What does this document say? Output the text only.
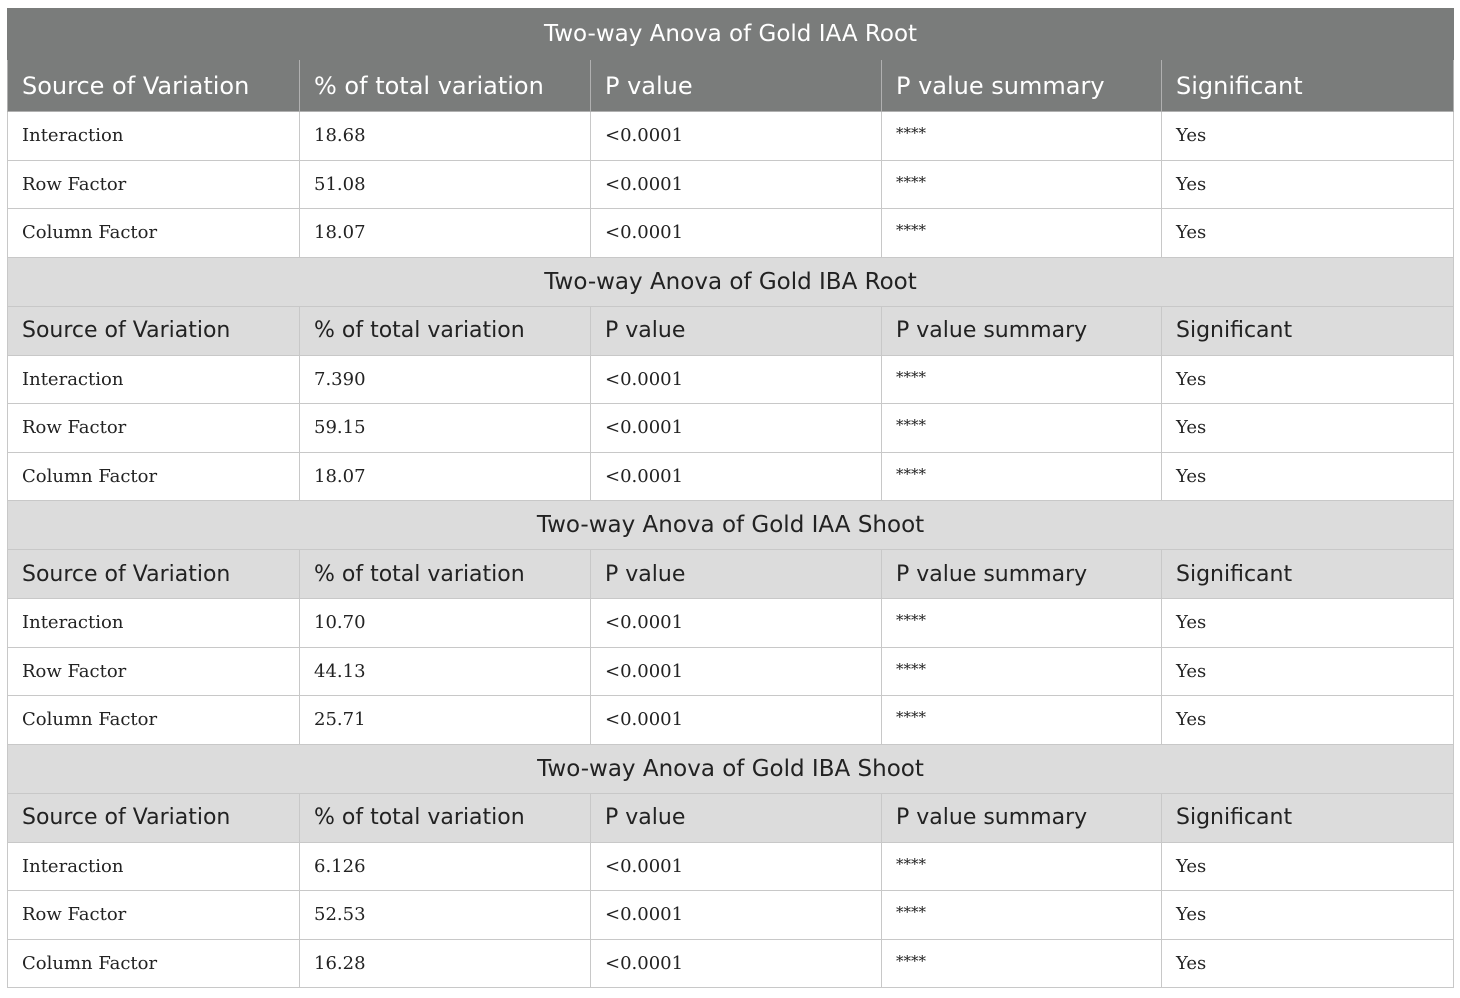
Two-way Anova of Gold IAA Root				
Source of Variation	% of total variation	P value	P value summary	Significant
Interaction	18.68	<0.0001	****	Yes
Row Factor	51.08	<0.0001	****	Yes
Column Factor	18.07	<0.0001	****	Yes
Two-way Anova of Gold IBA Root				
Source of Variation	% of total variation	P value	P value summary	Significant
Interaction	7.390	<0.0001	****	Yes
Row Factor	59.15	<0.0001	****	Yes
Column Factor	18.07	<0.0001	****	Yes
Two-way Anova of Gold IAA Shoot				
Source of Variation	% of total variation	P value	P value summary	Significant
Interaction	10.70	<0.0001	****	Yes
Row Factor	44.13	<0.0001	****	Yes
Column Factor	25.71	<0.0001	****	Yes
Two-way Anova of Gold IBA Shoot				
Source of Variation	% of total variation	P value	P value summary	Significant
Interaction	6.126	<0.0001	****	Yes
Row Factor	52.53	<0.0001	****	Yes
Column Factor	16.28	<0.0001	****	Yes
